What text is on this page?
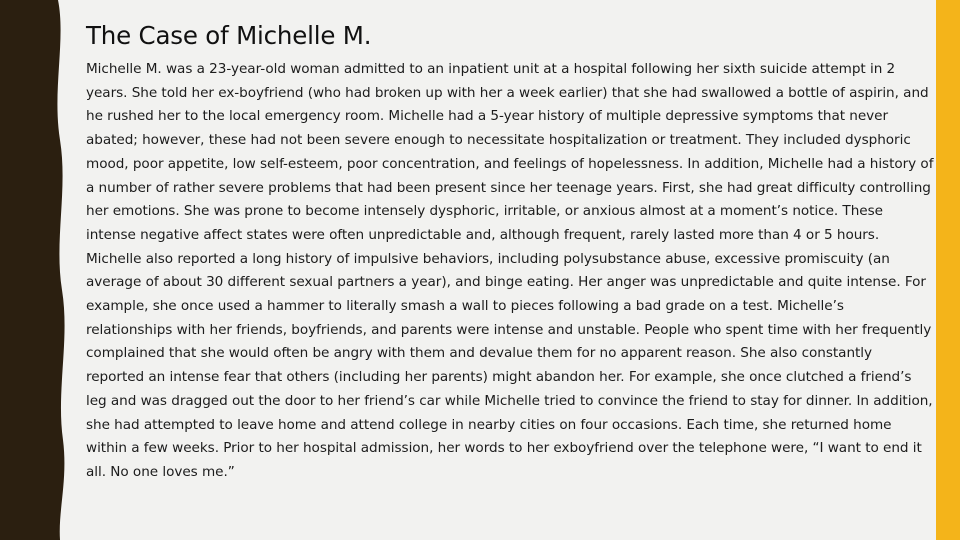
The Case of Michelle M.

Michelle M. was a 23-year-old woman admitted to an inpatient unit at a hospital following her sixth suicide attempt in 2 years. She told her ex-boyfriend (who had broken up with her a week earlier) that she had swallowed a bottle of aspirin, and he rushed her to the local emergency room. Michelle had a 5-year history of multiple depressive symptoms that never abated; however, these had not been severe enough to necessitate hospitalization or treatment. They included dysphoric mood, poor appetite, low self-esteem, poor concentration, and feelings of hopelessness. In addition, Michelle had a history of a number of rather severe problems that had been present since her teenage years. First, she had great difficulty controlling her emotions. She was prone to become intensely dysphoric, irritable, or anxious almost at a moment’s notice. These intense negative affect states were often unpredictable and, although frequent, rarely lasted more than 4 or 5 hours. Michelle also reported a long history of impulsive behaviors, including polysubstance abuse, excessive promiscuity (an average of about 30 different sexual partners a year), and binge eating. Her anger was unpredictable and quite intense. For example, she once used a hammer to literally smash a wall to pieces following a bad grade on a test. Michelle’s relationships with her friends, boyfriends, and parents were intense and unstable. People who spent time with her frequently complained that she would often be angry with them and devalue them for no apparent reason. She also constantly reported an intense fear that others (including her parents) might abandon her. For example, she once clutched a friend’s leg and was dragged out the door to her friend’s car while Michelle tried to convince the friend to stay for dinner. In addition, she had attempted to leave home and attend college in nearby cities on four occasions. Each time, she returned home within a few weeks. Prior to her hospital admission, her words to her exboyfriend over the telephone were, “I want to end it all. No one loves me.”
